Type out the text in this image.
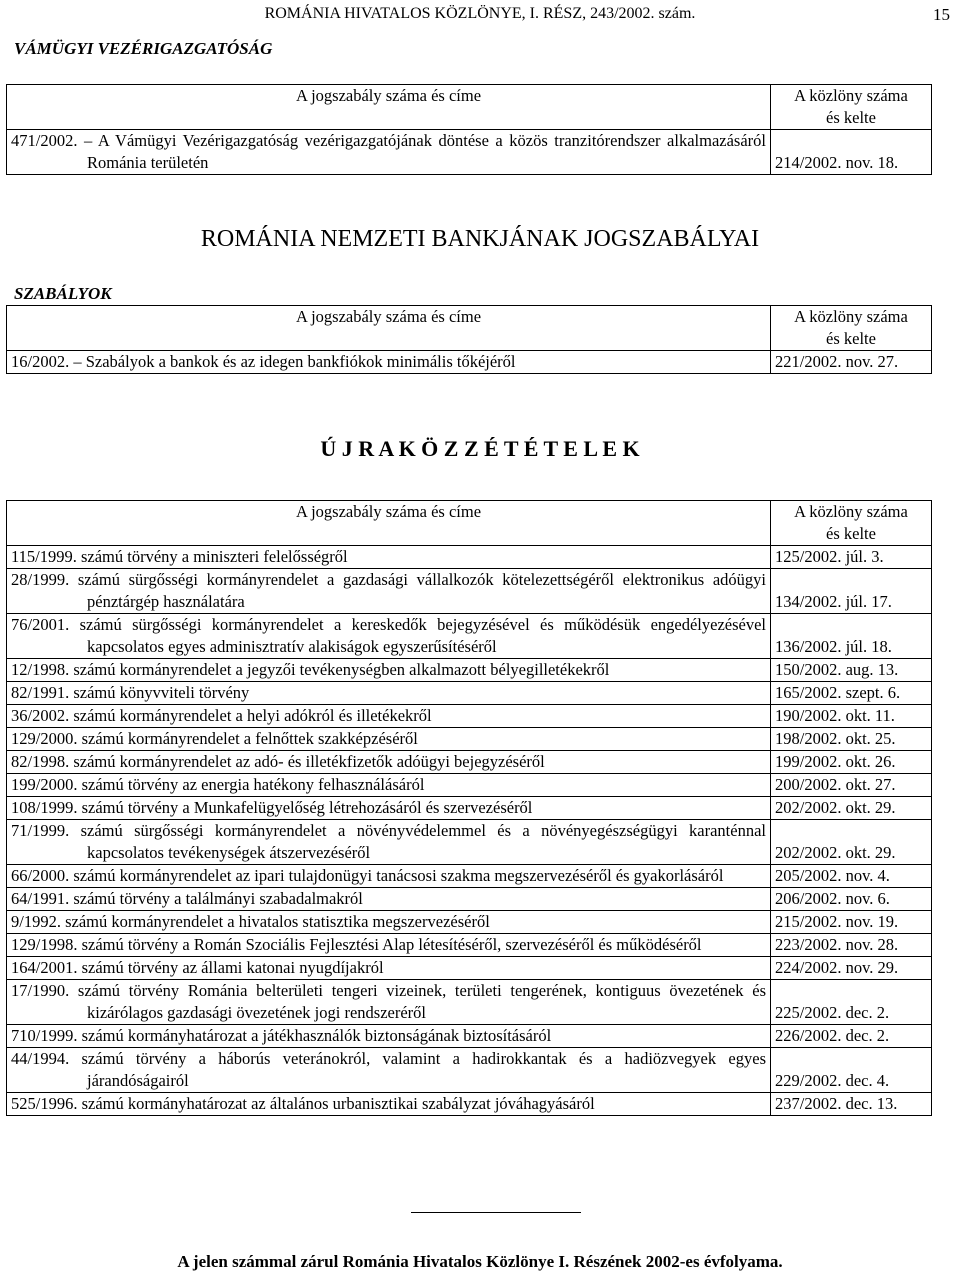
ROMÁNIA HIVATALOS KÖZLÖNYE, I. RÉSZ, 243/2002. szám.	15
VÁMÜGYI VEZÉRIGAZGATÓSÁG
A jogszabály száma és címe	A közlöny száma
és kelte

471/2002. – A Vámügyi Vezérigazgatóság vezérigazgatójának döntése a közös tranzitórendszer alkalmazásáról Románia területén	214/2002. nov. 18.
ROMÁNIA NEMZETI BANKJÁNAK JOGSZABÁLYAI
SZABÁLYOK
A jogszabály száma és címe	A közlöny száma
és kelte

16/2002. – Szabályok a bankok és az idegen bankfiókok minimális tőkéjéről	221/2002. nov. 27.
Ú J R A K Ö Z Z É T É T E L E K
A jogszabály száma és címe	A közlöny száma
és kelte

115/1999. számú törvény a miniszteri felelősségről	125/2002. júl. 3.
28/1999. számú sürgősségi kormányrendelet a gazdasági vállalkozók kötelezettségéről elektronikus adóügyi pénztárgép használatára	134/2002. júl. 17.
76/2001. számú sürgősségi kormányrendelet a kereskedők bejegyzésével és működésük engedélyezésével kapcsolatos egyes adminisztratív alakiságok egyszerűsítéséről	136/2002. júl. 18.
12/1998. számú kormányrendelet a jegyzői tevékenységben alkalmazott bélyegilletékekről	150/2002. aug. 13.
82/1991. számú könyvviteli törvény	165/2002. szept. 6.
36/2002. számú kormányrendelet a helyi adókról és illetékekről	190/2002. okt. 11.
129/2000. számú kormányrendelet a felnőttek szakképzéséről	198/2002. okt. 25.
82/1998. számú kormányrendelet az adó- és illetékfizetők adóügyi bejegyzéséről	199/2002. okt. 26.
199/2000. számú törvény az energia hatékony felhasználásáról	200/2002. okt. 27.
108/1999. számú törvény a Munkafelügyelőség létrehozásáról és szervezéséről	202/2002. okt. 29.
71/1999. számú sürgősségi kormányrendelet a növényvédelemmel és a növényegészségügyi karanténnal kapcsolatos tevékenységek átszervezéséről	202/2002. okt. 29.
66/2000. számú kormányrendelet az ipari tulajdonügyi tanácsosi szakma megszervezéséről és gyakorlásáról	205/2002. nov. 4.
64/1991. számú törvény a találmányi szabadalmakról	206/2002. nov. 6.
9/1992. számú kormányrendelet a hivatalos statisztika megszervezéséről	215/2002. nov. 19.
129/1998. számú törvény a Román Szociális Fejlesztési Alap létesítéséről, szervezéséről és működéséről	223/2002. nov. 28.
164/2001. számú törvény az állami katonai nyugdíjakról	224/2002. nov. 29.
17/1990. számú törvény Románia belterületi tengeri vizeinek, területi tengerének, kontiguus övezetének és kizárólagos gazdasági övezetének jogi rendszeréről	225/2002. dec. 2.
710/1999. számú kormányhatározat a játékhasználók biztonságának biztosításáról	226/2002. dec. 2.
44/1994. számú törvény a háborús veteránokról, valamint a hadirokkantak és a hadiözvegyek egyes járandóságairól	229/2002. dec. 4.
525/1996. számú kormányhatározat az általános urbanisztikai szabályzat jóváhagyásáról	237/2002. dec. 13.
A jelen számmal zárul Románia Hivatalos Közlönye I. Részének 2002-es évfolyama.
